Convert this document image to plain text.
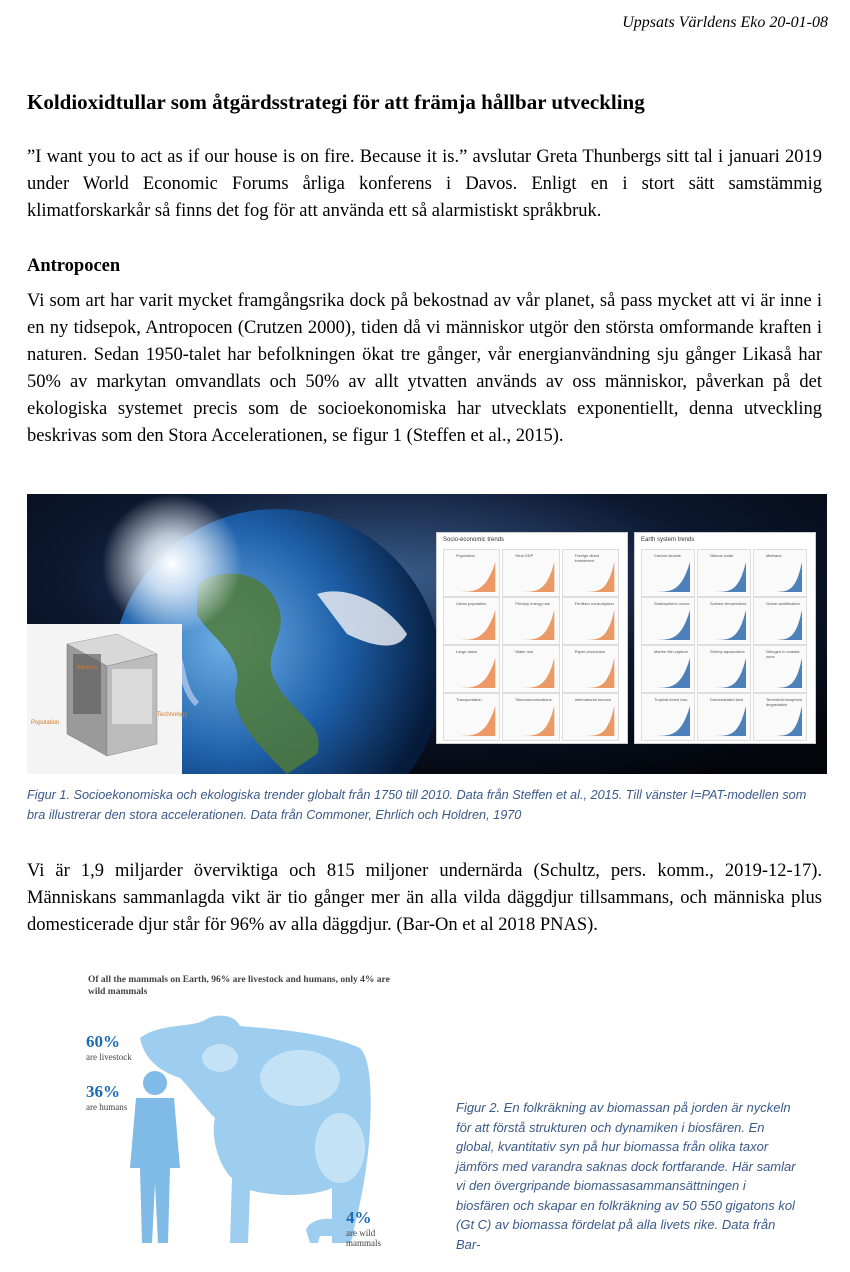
Uppsats Världens Eko 20-01-08
Koldioxidtullar som åtgärdsstrategi för att främja hållbar utveckling
”I want you to act as if our house is on fire. Because it is.” avslutar Greta Thunbergs sitt tal i januari 2019 under World Economic Forums årliga konferens i Davos. Enligt en i stort sätt samstämmig klimatforskarkår så finns det fog för att använda ett så alarmistiskt språkbruk.
Antropocen
Vi som art har varit mycket framgångsrika dock på bekostnad av vår planet, så pass mycket att vi är inne i en ny tidsepok, Antropocen (Crutzen 2000), tiden då vi människor utgör den största omformande kraften i naturen. Sedan 1950-talet har befolkningen ökat tre gånger, vår energianvändning sju gånger Likaså har 50% av markytan omvandlats och 50% av allt ytvatten används av oss människor, påverkan på det ekologiska systemet precis som de socioekonomiska har utvecklats exponentiellt, denna utveckling beskrivas som den Stora Accelerationen, se figur 1 (Steffen et al., 2015).
Population
Affluence
Technology
Socio-economic trends
Population	Real GDP	Foreign direct investment
Urban population	Primary energy use	Fertilizer consumption
Large dams	Water use	Paper production
Transportation	Telecommunications	International tourism
Earth system trends
Carbon dioxide	Nitrous oxide	Methane
Stratospheric ozone	Surface temperature	Ocean acidification
Marine fish capture	Shrimp aquaculture	Nitrogen to coastal zone
Tropical forest loss	Domesticated land	Terrestrial biosphere degradation
Figur 1. Socioekonomiska och ekologiska trender globalt från 1750 till 2010. Data från Steffen et al., 2015. Till vänster I=PAT-modellen som bra illustrerar den stora accelerationen. Data från Commoner, Ehrlich och Holdren, 1970
Vi är 1,9 miljarder överviktiga och 815 miljoner undernärda (Schultz, pers. komm., 2019-12-17). Människans sammanlagda vikt är tio gånger mer än alla vilda däggdjur tillsammans, och människa plus domesticerade djur står för 96% av alla däggdjur. (Bar-On et al 2018 PNAS).
Of all the mammals on Earth, 96% are livestock and humans, only 4% are wild mammals
60%
are livestock
36%
are humans
4%
are wild mammals
Figur 2. En folkräkning av biomassan på jorden är nyckeln för att förstå strukturen och dynamiken i biosfären. En global, kvantitativ syn på hur biomassa från olika taxor jämförs med varandra saknas dock fortfarande. Här samlar vi den övergripande biomassasammansättningen i biosfären och skapar en folkräkning av 50 550 gigatons kol (Gt C) av biomassa fördelat på alla livets rike. Data från Bar-
